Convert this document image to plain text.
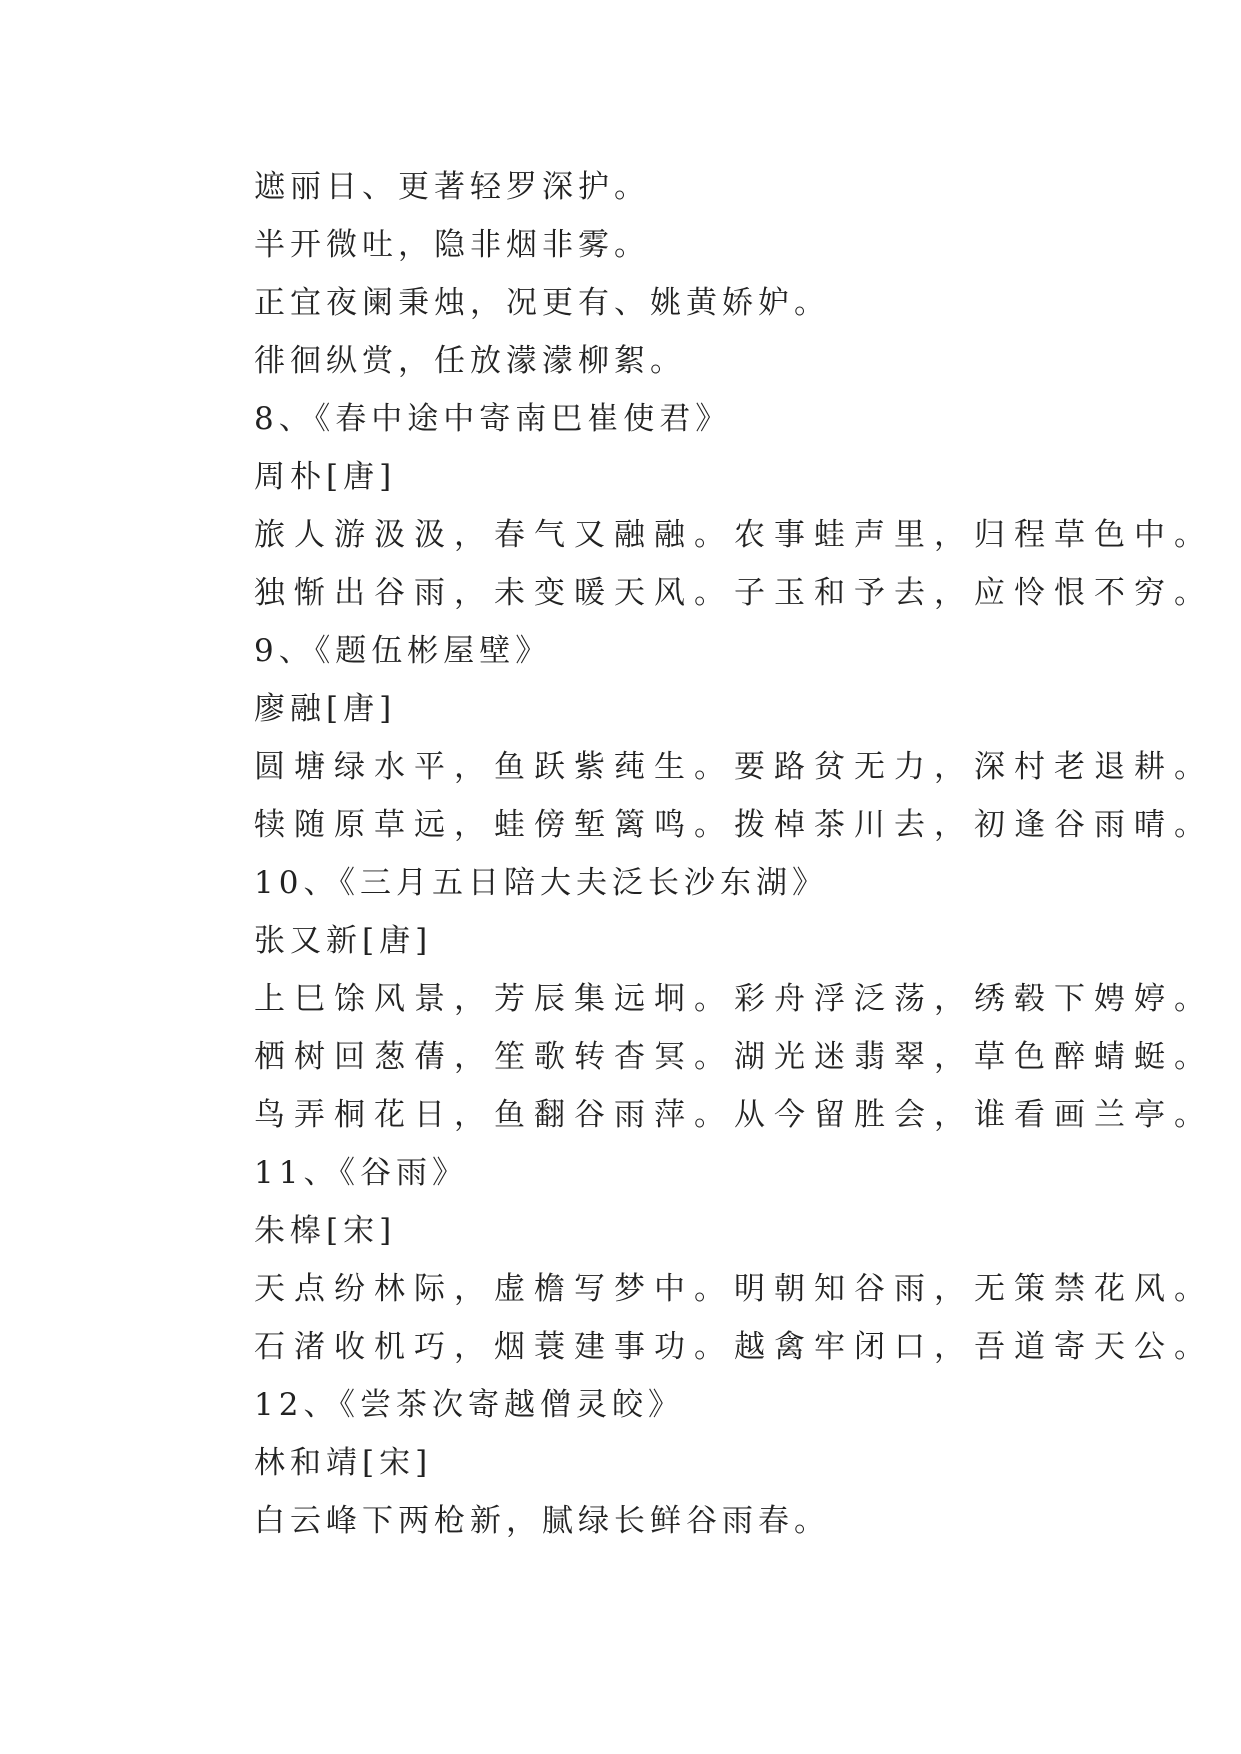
遮丽日、更著轻罗深护。
半开微吐，隐非烟非雾。
正宜夜阑秉烛，况更有、姚黄娇妒。
徘徊纵赏，任放濛濛柳絮。
8、《春中途中寄南巴崔使君》
周朴[唐]
旅人游汲汲，春气又融融。农事蛙声里，归程草色中。
独惭出谷雨，未变暖天风。子玉和予去，应怜恨不穷。
9、《题伍彬屋壁》
廖融[唐]
圆塘绿水平，鱼跃紫莼生。要路贫无力，深村老退耕。
犊随原草远，蛙傍堑篱鸣。拨棹茶川去，初逢谷雨晴。
10、《三月五日陪大夫泛长沙东湖》
张又新[唐]
上巳馀风景，芳辰集远坰。彩舟浮泛荡，绣毂下娉婷。
栖树回葱蒨，笙歌转杳冥。湖光迷翡翠，草色醉蜻蜓。
鸟弄桐花日，鱼翻谷雨萍。从今留胜会，谁看画兰亭。
11、《谷雨》
朱槔[宋]
天点纷林际，虚檐写梦中。明朝知谷雨，无策禁花风。
石渚收机巧，烟蓑建事功。越禽牢闭口，吾道寄天公。
12、《尝茶次寄越僧灵皎》
林和靖[宋]
白云峰下两枪新，腻绿长鲜谷雨春。
